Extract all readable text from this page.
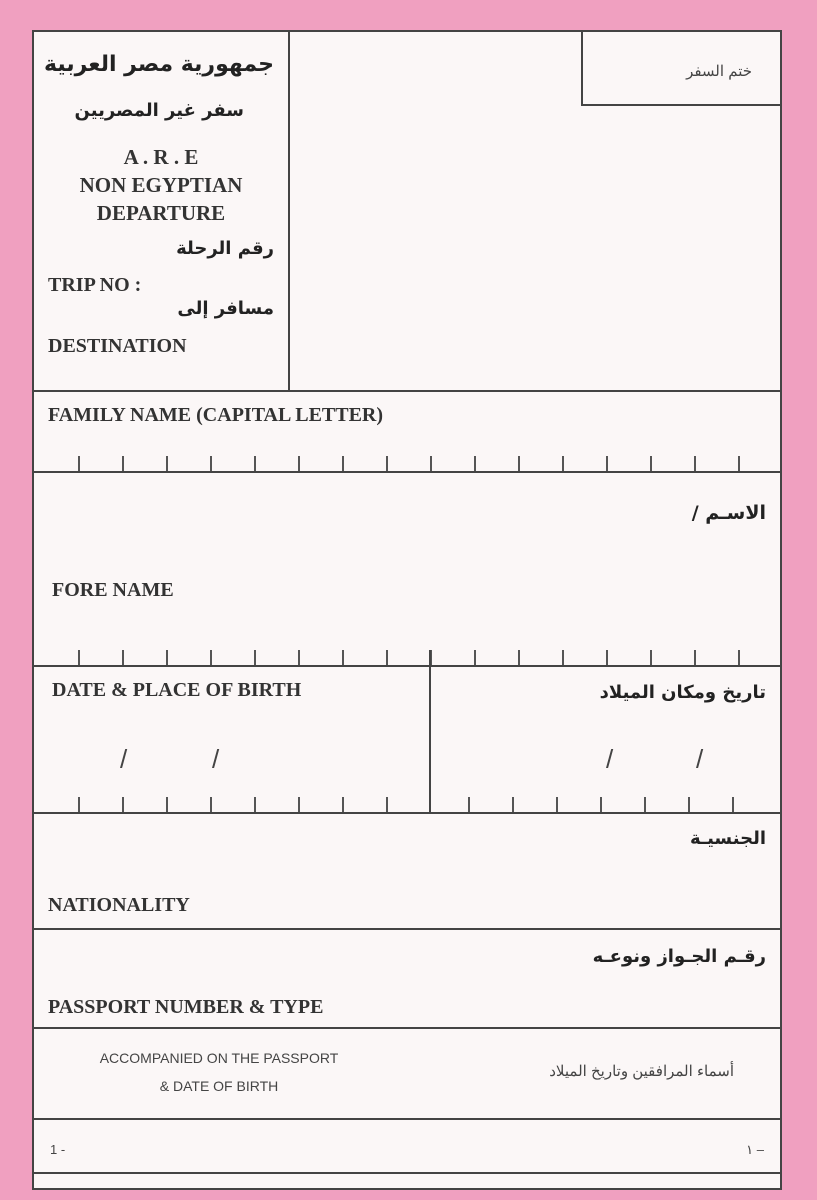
جمهورية مصر العربية
سفر غير المصريين
A . R . E
NON EGYPTIAN
DEPARTURE
رقم الرحلة
TRIP NO :
مسافر إلى
DESTINATION
ختم السفر
FAMILY NAME (CAPITAL LETTER)
الاسـم /
FORE NAME
DATE & PLACE OF BIRTH	تاريخ ومكان الميلاد
/	/	/	/
الجنسيـة
NATIONALITY
رقـم الجـواز ونوعـه
PASSPORT NUMBER & TYPE
ACCOMPANIED ON THE PASSPORT
& DATE OF BIRTH
أسماء المرافقين وتاريخ الميلاد
1 -	١ –
